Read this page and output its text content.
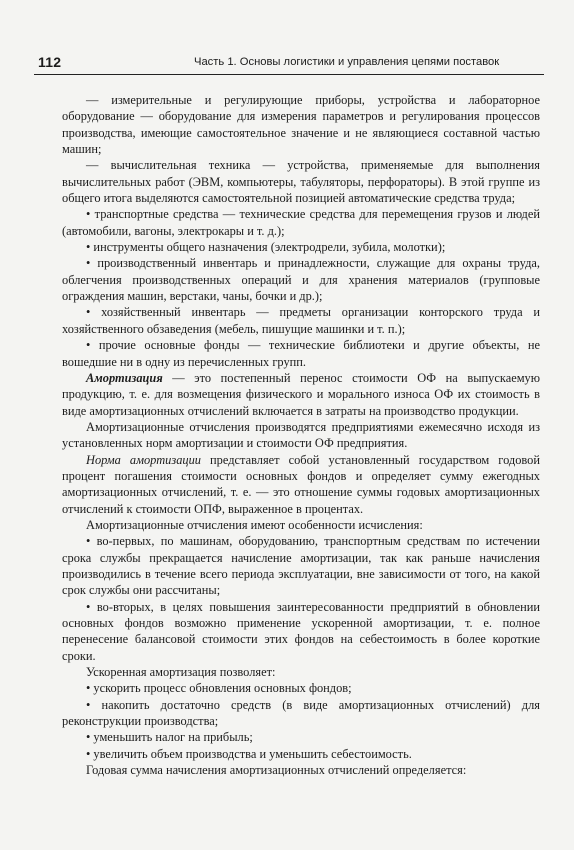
112	Часть 1. Основы логистики и управления цепями поставок

— измерительные и регулирующие приборы, устройства и лабораторное оборудование — оборудование для измерения параметров и регулирования процессов производства, имеющие самостоятельное значение и не являющиеся составной частью машин;

— вычислительная техника — устройства, применяемые для выполнения вычислительных работ (ЭВМ, компьютеры, табуляторы, перфораторы). В этой группе из общего итога выделяются самостоятельной позицией автоматические средства труда;

• транспортные средства — технические средства для перемещения грузов и людей (автомобили, вагоны, электрокары и т. д.);

• инструменты общего назначения (электродрели, зубила, молотки);

• производственный инвентарь и принадлежности, служащие для охраны труда, облегчения производственных операций и для хранения материалов (групповые ограждения машин, верстаки, чаны, бочки и др.);

• хозяйственный инвентарь — предметы организации конторского труда и хозяйственного обзаведения (мебель, пишущие машинки и т. п.);

• прочие основные фонды — технические библиотеки и другие объекты, не вошедшие ни в одну из перечисленных групп.

Амортизация — это постепенный перенос стоимости ОФ на выпускаемую продукцию, т. е. для возмещения физического и морального износа ОФ их стоимость в виде амортизационных отчислений включается в затраты на производство продукции.

Амортизационные отчисления производятся предприятиями ежемесячно исходя из установленных норм амортизации и стоимости ОФ предприятия.

Норма амортизации представляет собой установленный государством годовой процент погашения стоимости основных фондов и определяет сумму ежегодных амортизационных отчислений, т. е. — это отношение суммы годовых амортизационных отчислений к стоимости ОПФ, выраженное в процентах.

Амортизационные отчисления имеют особенности исчисления:

• во-первых, по машинам, оборудованию, транспортным средствам по истечении срока службы прекращается начисление амортизации, так как раньше начисления производились в течение всего периода эксплуатации, вне зависимости от того, на какой срок службы они рассчитаны;

• во-вторых, в целях повышения заинтересованности предприятий в обновлении основных фондов возможно применение ускоренной амортизации, т. е. полное перенесение балансовой стоимости этих фондов на себестоимость в более короткие сроки.

Ускоренная амортизация позволяет:

• ускорить процесс обновления основных фондов;

• накопить достаточно средств (в виде амортизационных отчислений) для реконструкции производства;

• уменьшить налог на прибыль;

• увеличить объем производства и уменьшить себестоимость.

Годовая сумма начисления амортизационных отчислений определяется:
